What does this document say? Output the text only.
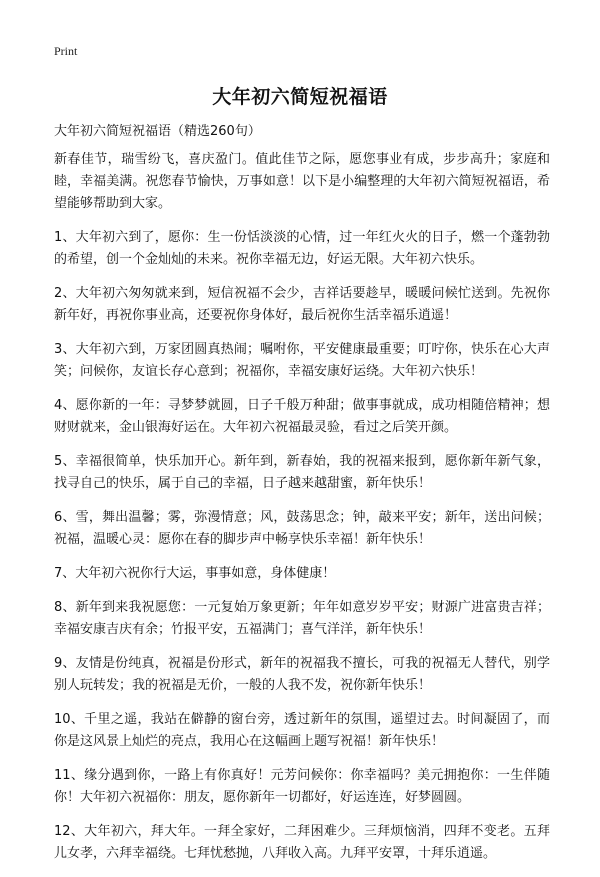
Print
大年初六简短祝福语
大年初六简短祝福语（精选260句）

新春佳节，瑞雪纷飞，喜庆盈门。值此佳节之际，愿您事业有成，步步高升；家庭和睦，幸福美满。祝您春节愉快，万事如意！以下是小编整理的大年初六简短祝福语，希望能够帮助到大家。

1、大年初六到了，愿你：生一份恬淡淡的心情，过一年红火火的日子，燃一个蓬勃勃的希望，创一个金灿灿的未来。祝你幸福无边，好运无限。大年初六快乐。

2、大年初六匆匆就来到，短信祝福不会少，吉祥话要趁早，暖暖问候忙送到。先祝你新年好，再祝你事业高，还要祝你身体好，最后祝你生活幸福乐逍遥！

3、大年初六到，万家团圆真热闹；嘱咐你，平安健康最重要；叮咛你，快乐在心大声笑；问候你，友谊长存心意到；祝福你，幸福安康好运绕。大年初六快乐！

4、愿你新的一年：寻梦梦就圆，日子千般万种甜；做事事就成，成功相随倍精神；想财财就来，金山银海好运在。大年初六祝福最灵验，看过之后笑开颜。

5、幸福很简单，快乐加开心。新年到，新春始，我的祝福来报到，愿你新年新气象，找寻自己的快乐，属于自己的幸福，日子越来越甜蜜，新年快乐！

6、雪，舞出温馨；雾，弥漫情意；风，鼓荡思念；钟，敲来平安；新年，送出问候；祝福，温暖心灵：愿你在春的脚步声中畅享快乐幸福！新年快乐！

7、大年初六祝你行大运，事事如意，身体健康！

8、新年到来我祝愿您：一元复始万象更新；年年如意岁岁平安；财源广进富贵吉祥；幸福安康吉庆有余；竹报平安，五福满门；喜气洋洋，新年快乐！

9、友情是份纯真，祝福是份形式，新年的祝福我不擅长，可我的祝福无人替代，别学别人玩转发；我的祝福是无价，一般的人我不发，祝你新年快乐！

10、千里之遥，我站在僻静的窗台旁，透过新年的氛围，遥望过去。时间凝固了，而你是这风景上灿烂的亮点，我用心在这幅画上题写祝福！新年快乐！

11、缘分遇到你，一路上有你真好！元芳问候你：你幸福吗？美元拥抱你：一生伴随你！大年初六祝福你：朋友，愿你新年一切都好，好运连连，好梦圆圆。

12、大年初六，拜大年。一拜全家好，二拜困难少。三拜烦恼消，四拜不变老。五拜儿女孝，六拜幸福绕。七拜忧愁抛，八拜收入高。九拜平安罩，十拜乐逍遥。
